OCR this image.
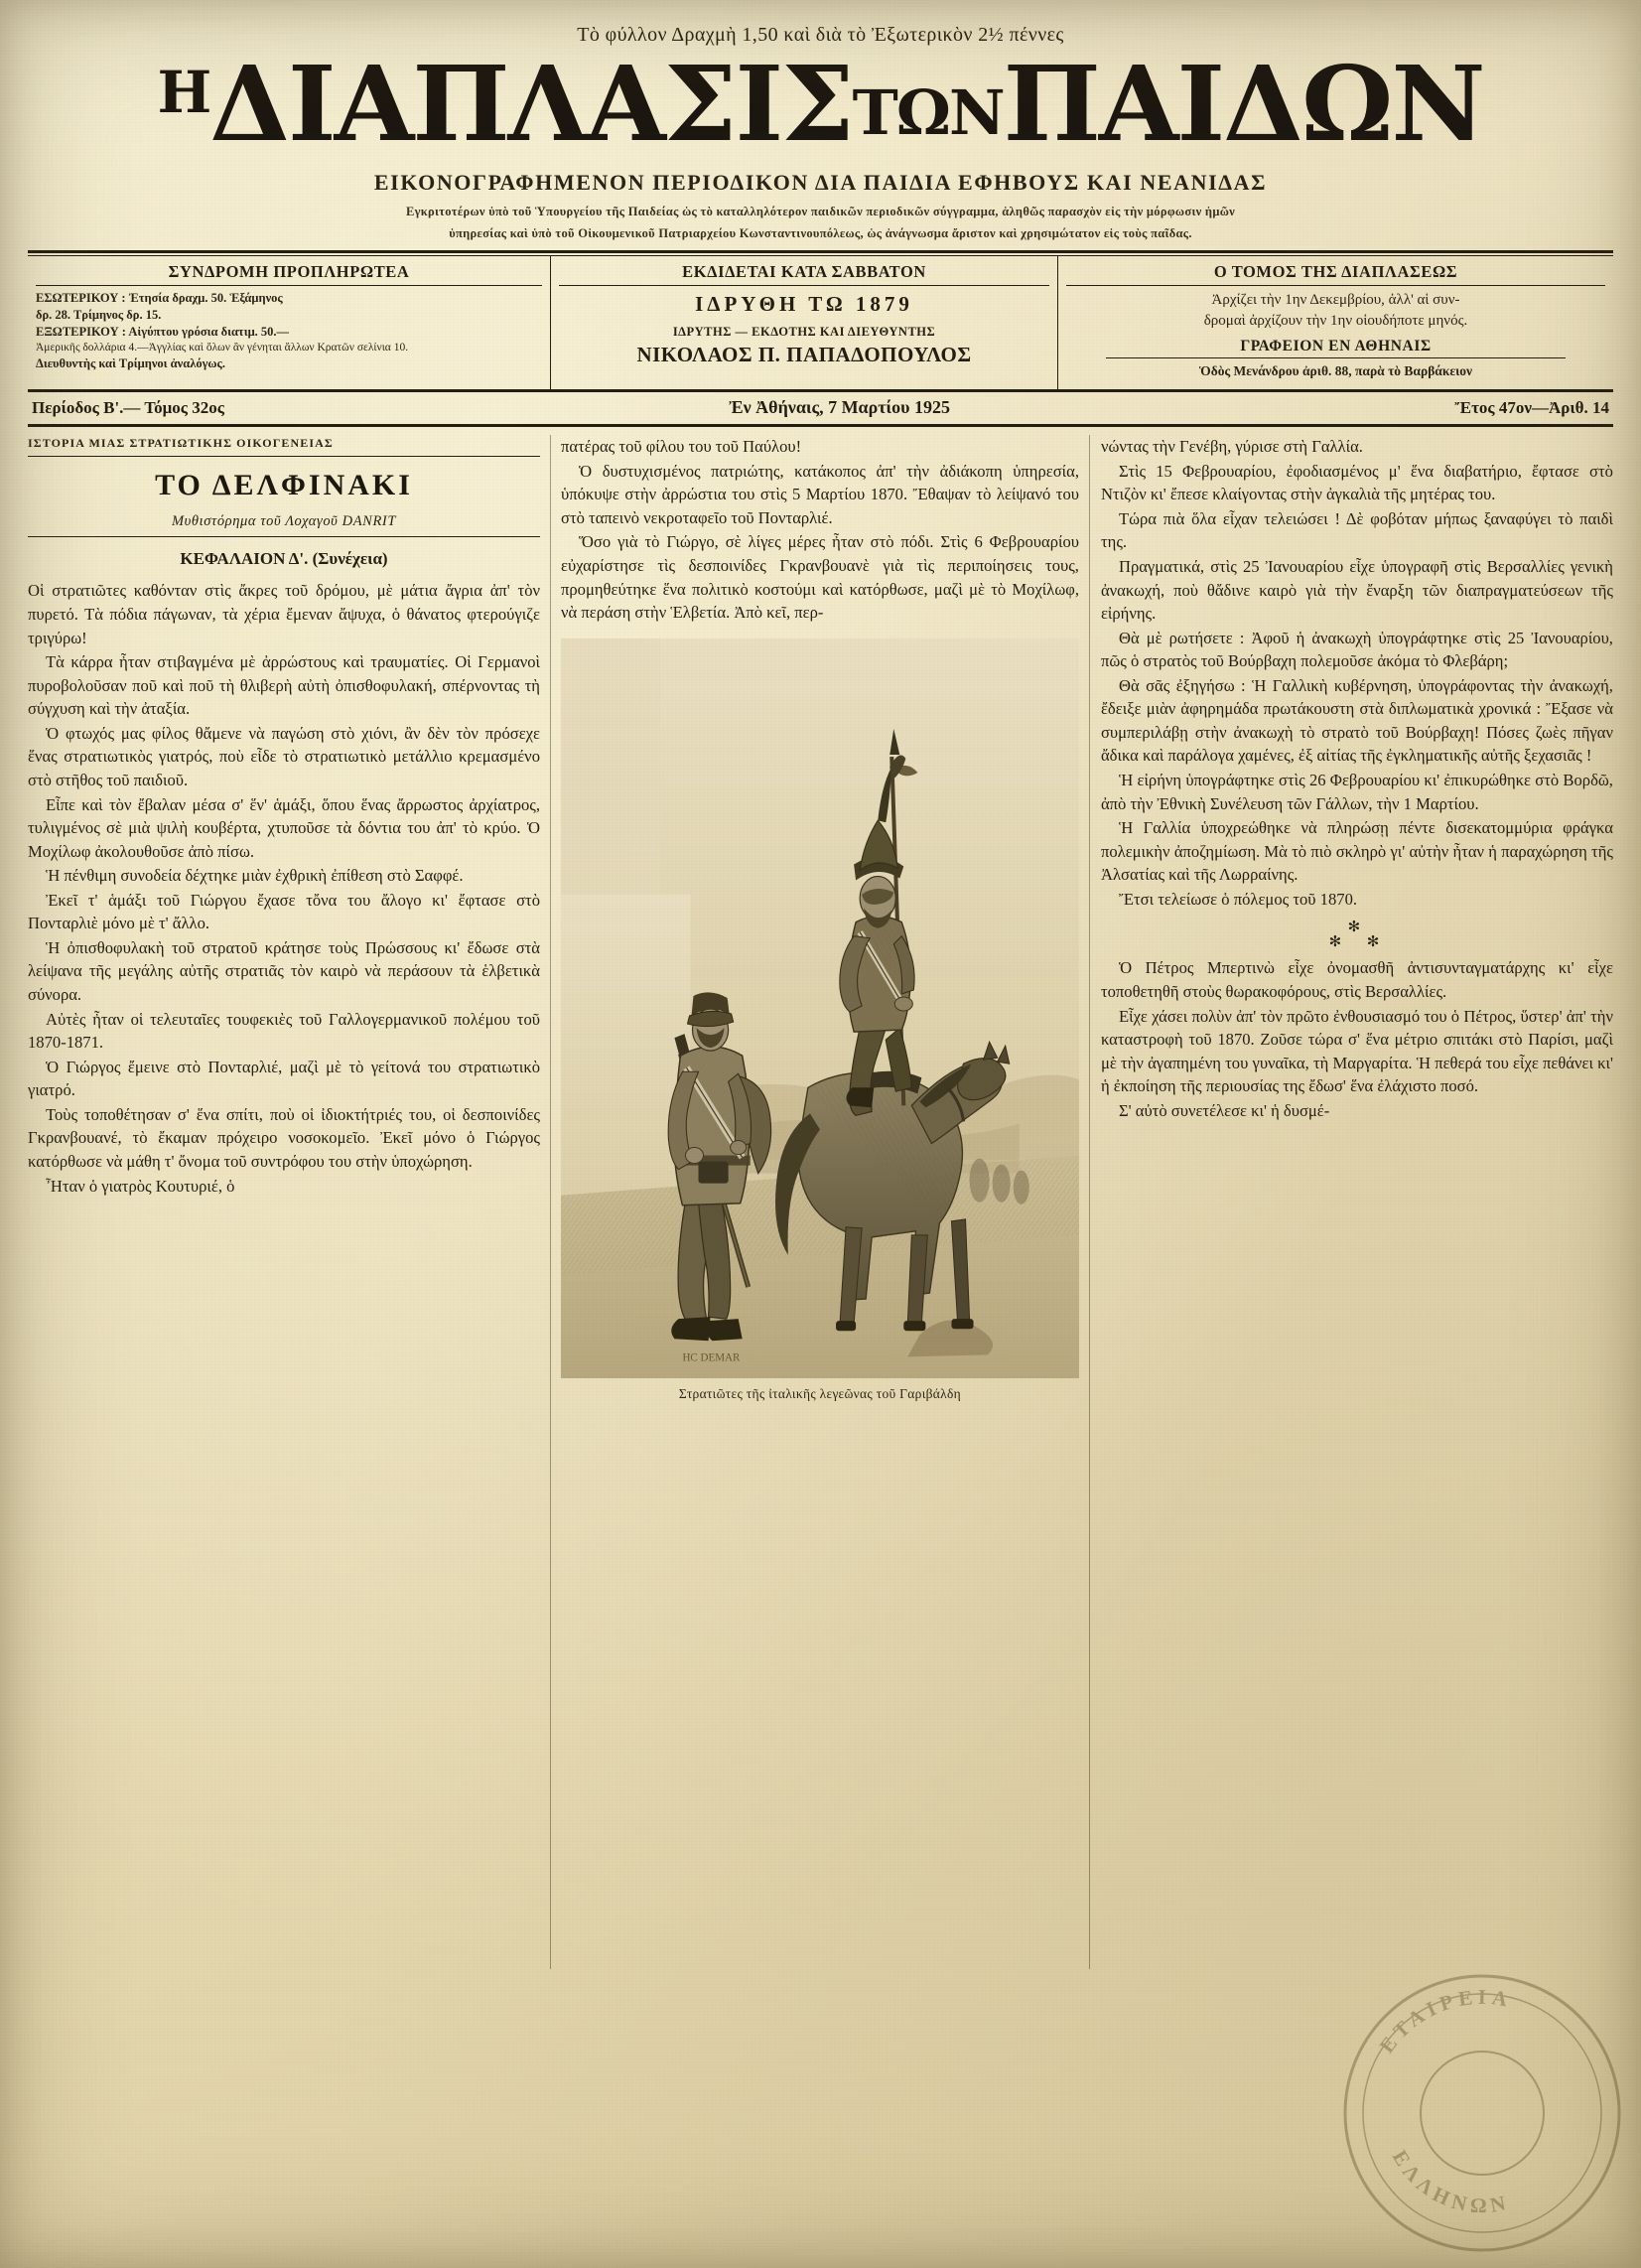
Τὸ φύλλον Δραχμὴ 1,50 καὶ διὰ τὸ Ἐξωτερικὸν 2½ πέννες
ΗΔΙΑΠΛΑΣΙΣΤΩΝΠΑΙΔΩΝ
ΕΙΚΟΝΟΓΡΑΦΗΜΕΝΟΝ ΠΕΡΙΟΔΙΚΟΝ ΔΙΑ ΠΑΙΔΙΑ ΕΦΗΒΟΥΣ ΚΑΙ ΝΕΑΝΙΔΑΣ
Εγκριτοτέρων ὑπὸ τοῦ Ὑπουργείου τῆς Παιδείας ὡς τὸ καταλληλότερον παιδικῶν περιοδικῶν σύγγραμμα, ἀληθῶς παρασχὸν εἰς τὴν μόρφωσιν ἡμῶν
ὑπηρεσίας καὶ ὑπὸ τοῦ Οἰκουμενικοῦ Πατριαρχείου Κωνσταντινουπόλεως, ὡς ἀνάγνωσμα ἄριστον καὶ χρησιμώτατον εἰς τοὺς παῖδας.
ΣΥΝΔΡΟΜΗ ΠΡΟΠΛΗΡΩΤΕΑ
ΕΣΩΤΕΡΙΚΟΥ : Ἐτησία δραχμ. 50. Ἑξάμηνος
δρ. 28. Τρίμηνος δρ. 15.
ΕΞΩΤΕΡΙΚΟΥ : Αἰγύπτου γρόσια διατιμ. 50.—
Ἀμερικῆς δολλάρια 4.—Ἀγγλίας καὶ ὅλων ἂν γένηται ἄλλων Κρατῶν σελίνια 10.
Διευθυντὴς καὶ Τρίμηνοι ἀναλόγως.
ΕΚΔΙΔΕΤΑΙ ΚΑΤΑ ΣΑΒΒΑΤΟΝ
ΙΔΡΥΘΗ ΤΩ 1879
ΙΔΡΥΤΗΣ — ΕΚΔΟΤΗΣ ΚΑΙ ΔΙΕΥΘΥΝΤΗΣ
ΝΙΚΟΛΑΟΣ Π. ΠΑΠΑΔΟΠΟΥΛΟΣ
Ο ΤΟΜΟΣ ΤΗΣ ΔΙΑΠΛΑΣΕΩΣ
Ἀρχίζει τὴν 1ην Δεκεμβρίου, ἀλλ' αἱ συν-
δρομαὶ ἀρχίζουν τὴν 1ην οἱουδήποτε μηνός.
ΓΡΑΦΕΙΟΝ ΕΝ ΑΘΗΝΑΙΣ
Ὁδὸς Μενάνδρου ἀριθ. 88, παρὰ τὸ Βαρβάκειον
Περίοδος Β'.— Τόμος 32ος	Ἐν Ἀθήναις, 7 Μαρτίου 1925	Ἔτος 47ον—Ἀριθ. 14
ΙΣΤΟΡΙΑ ΜΙΑΣ ΣΤΡΑΤΙΩΤΙΚΗΣ ΟΙΚΟΓΕΝΕΙΑΣ
ΤΟ ΔΕΛΦΙΝΑΚΙ
Μυθιστόρημα τοῦ Λοχαγοῦ DANRIT
ΚΕΦΑΛΑΙΟΝ Δ'. (Συνέχεια)

Οἱ στρατιῶτες καθόνταν στὶς ἄκρες τοῦ δρόμου, μὲ μάτια ἄγρια ἀπ' τὸν πυρετό. Τὰ πόδια πάγωναν, τὰ χέρια ἔμεναν ἄψυχα, ὁ θάνατος φτερούγιζε τριγύρω!

Τὰ κάρρα ἦταν στιβαγμένα μὲ ἀρρώστους καὶ τραυματίες. Οἱ Γερμανοὶ πυροβολοῦσαν ποῦ καὶ ποῦ τὴ θλιβερὴ αὐτὴ ὀπισθοφυλακή, σπέρνοντας τὴ σύγχυση καὶ τὴν ἀταξία.

Ὁ φτωχός μας φίλος θἄμενε νὰ παγώση στὸ χιόνι, ἂν δὲν τὸν πρόσεχε ἕνας στρατιωτικὸς γιατρός, ποὺ εἶδε τὸ στρατιωτικὸ μετάλλιο κρεμασμένο στὸ στῆθος τοῦ παιδιοῦ.

Εἶπε καὶ τὸν ἔβαλαν μέσα σ' ἕν' ἁμάξι, ὅπου ἕνας ἄρρωστος ἀρχίατρος, τυλιγμένος σὲ μιὰ ψιλὴ κουβέρτα, χτυποῦσε τὰ δόντια του ἀπ' τὸ κρύο. Ὁ Μοχίλωφ ἀκολουθοῦσε ἀπὸ πίσω.

Ἡ πένθιμη συνοδεία δέχτηκε μιὰν ἐχθρικὴ ἐπίθεση στὸ Σαφφέ.

Ἐκεῖ τ' ἁμάξι τοῦ Γιώργου ἔχασε τὄνα του ἄλογο κι' ἔφτασε στὸ Πονταρλιὲ μόνο μὲ τ' ἄλλο.

Ἡ ὀπισθοφυλακὴ τοῦ στρατοῦ κράτησε τοὺς Πρώσσους κι' ἔδωσε στὰ λείψανα τῆς μεγάλης αὐτῆς στρατιᾶς τὸν καιρὸ νὰ περάσουν τὰ ἑλβετικὰ σύνορα.

Αὐτὲς ἦταν οἱ τελευταῖες τουφεκιὲς τοῦ Γαλλογερμανικοῦ πολέμου τοῦ 1870-1871.

Ὁ Γιώργος ἔμεινε στὸ Πονταρλιέ, μαζὶ μὲ τὸ γείτονά του στρατιωτικὸ γιατρό.

Τοὺς τοποθέτησαν σ' ἕνα σπίτι, ποὺ οἱ ἰδιοκτήτριές του, οἱ δεσποινίδες Γκρανβουανέ, τὸ ἔκαμαν πρόχειρο νοσοκομεῖο. Ἐκεῖ μόνο ὁ Γιώργος κατόρθωσε νὰ μάθη τ' ὄνομα τοῦ συντρόφου του στὴν ὑποχώρηση.

Ἦταν ὁ γιατρὸς Κουτυριέ, ὁ

πατέρας τοῦ φίλου του τοῦ Παύλου!

Ὁ δυστυχισμένος πατριώτης, κατάκοπος ἀπ' τὴν ἀδιάκοπη ὑπηρεσία, ὑπόκυψε στὴν ἀρρώστια του στὶς 5 Μαρτίου 1870. Ἔθαψαν τὸ λείψανό του στὸ ταπεινὸ νεκροταφεῖο τοῦ Πονταρλιέ.

Ὅσο γιὰ τὸ Γιώργο, σὲ λίγες μέρες ἦταν στὸ πόδι. Στὶς 6 Φεβρουαρίου εὐχαρίστησε τὶς δεσποινίδες Γκρανβουανὲ γιὰ τὶς περιποίησεις τους, προμηθεύτηκε ἕνα πολιτικὸ κοστούμι καὶ κατόρθωσε, μαζὶ μὲ τὸ Μοχίλωφ, νὰ περάση στὴν Ἑλβετία. Ἀπὸ κεῖ, περ-

HC DEMAR
Στρατιῶτες τῆς ἰταλικῆς λεγεῶνας τοῦ Γαριβάλδη

νώντας τὴν Γενέβη, γύρισε στὴ Γαλλία.

Στὶς 15 Φεβρουαρίου, ἐφοδιασμένος μ' ἕνα διαβατήριο, ἔφτασε στὸ Ντιζὸν κι' ἔπεσε κλαίγοντας στὴν ἀγκαλιὰ τῆς μητέρας του.

Τώρα πιὰ ὅλα εἶχαν τελειώσει ! Δὲ φοβόταν μήπως ξαναφύγει τὸ παιδὶ της.

Πραγματικά, στὶς 25 Ἰανουαρίου εἶχε ὑπογραφῆ στὶς Βερσαλλίες γενικὴ ἀνακωχή, ποὺ θἄδινε καιρὸ γιὰ τὴν ἔναρξη τῶν διαπραγματεύσεων τῆς εἰρήνης.

Θὰ μὲ ρωτήσετε : Ἀφοῦ ἡ ἀνακωχὴ ὑπογράφτηκε στὶς 25 Ἰανουαρίου, πῶς ὁ στρατὸς τοῦ Βούρβαχη πολεμοῦσε ἀκόμα τὸ Φλεβάρη;

Θὰ σᾶς ἐξηγήσω : Ἡ Γαλλικὴ κυβέρνηση, ὑπογράφοντας τὴν ἀνακωχή, ἔδειξε μιὰν ἀφηρημάδα πρωτάκουστη στὰ διπλωματικὰ χρονικά : Ἔξασε νὰ συμπεριλάβῃ στὴν ἀνακωχὴ τὸ στρατὸ τοῦ Βούρβαχη! Πόσες ζωὲς πῆγαν ἄδικα καὶ παράλογα χαμένες, ἐξ αἰτίας τῆς ἐγκληματικῆς αὐτῆς ξεχασιᾶς !

Ἡ εἰρήνη ὑπογράφτηκε στὶς 26 Φεβρουαρίου κι' ἐπικυρώθηκε στὸ Βορδῶ, ἀπὸ τὴν Ἐθνικὴ Συνέλευση τῶν Γάλλων, τὴν 1 Μαρτίου.

Ἡ Γαλλία ὑποχρεώθηκε νὰ πληρώσῃ πέντε δισεκατομμύρια φράγκα πολεμικὴν ἀποζημίωση. Μὰ τὸ πιὸ σκληρὸ γι' αὐτὴν ἦταν ἡ παραχώρηση τῆς Ἀλσατίας καὶ τῆς Λωρραίνης.

Ἔτσι τελείωσε ὁ πόλεμος τοῦ 1870.

✻
✻  ✻

Ὁ Πέτρος Μπερτινὼ εἶχε ὀνομασθῆ ἀντισυνταγματάρχης κι' εἶχε τοποθετηθῆ στοὺς θωρακοφόρους, στὶς Βερσαλλίες.

Εἶχε χάσει πολὺν ἀπ' τὸν πρῶτο ἐνθουσιασμό του ὁ Πέτρος, ὕστερ' ἀπ' τὴν καταστροφὴ τοῦ 1870. Ζοῦσε τώρα σ' ἕνα μέτριο σπιτάκι στὸ Παρίσι, μαζὶ μὲ τὴν ἀγαπημένη του γυναῖκα, τὴ Μαργαρίτα. Ἡ πεθερά του εἶχε πεθάνει κι' ἡ ἐκποίηση τῆς περιουσίας της ἔδωσ' ἕνα ἐλάχιστο ποσό.

Σ' αὐτὸ συνετέλεσε κι' ἡ δυσμέ-

ΕΤΑΙΡΕΙΑ
ΕΛΛΗΝΩΝ
